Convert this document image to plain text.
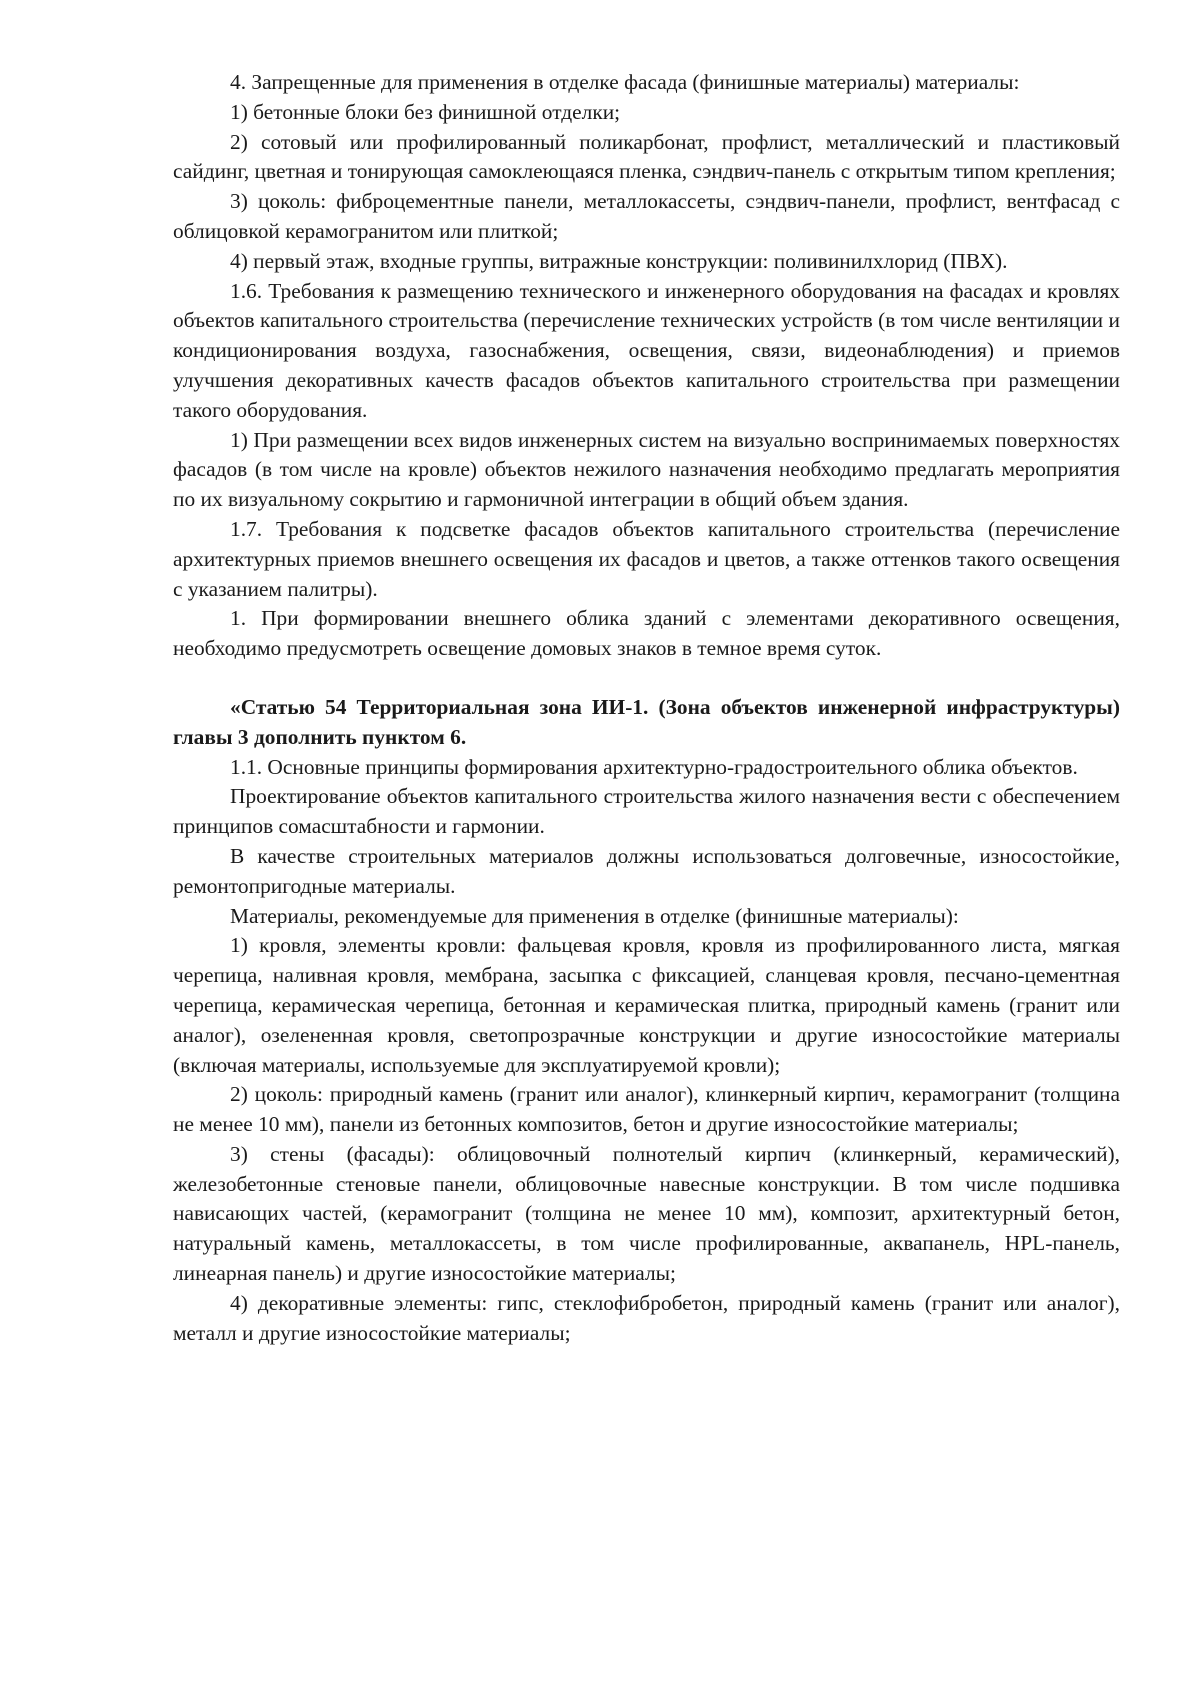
4. Запрещенные для применения в отделке фасада (финишные материалы) материалы:

1) бетонные блоки без финишной отделки;

2) сотовый или профилированный поликарбонат, профлист, металлический и пластиковый сайдинг, цветная и тонирующая самоклеющаяся пленка, сэндвич-панель с открытым типом крепления;

3) цоколь: фиброцементные панели, металлокассеты, сэндвич-панели, профлист, вентфасад с облицовкой керамогранитом или плиткой;

4) первый этаж, входные группы, витражные конструкции: поливинилхлорид (ПВХ).

1.6. Требования к размещению технического и инженерного оборудования на фасадах и кровлях объектов капитального строительства (перечисление технических устройств (в том числе вентиляции и кондиционирования воздуха, газоснабжения, освещения, связи, видеонаблюдения) и приемов улучшения декоративных качеств фасадов объектов капитального строительства при размещении такого оборудования.

1) При размещении всех видов инженерных систем на визуально воспринимаемых поверхностях фасадов (в том числе на кровле) объектов нежилого назначения необходимо предлагать мероприятия по их визуальному сокрытию и гармоничной интеграции в общий объем здания.

1.7. Требования к подсветке фасадов объектов капитального строительства (перечисление архитектурных приемов внешнего освещения их фасадов и цветов, а также оттенков такого освещения с указанием палитры).

1. При формировании внешнего облика зданий с элементами декоративного освещения, необходимо предусмотреть освещение домовых знаков в темное время суток.

«Статью 54 Территориальная зона ИИ-1. (Зона объектов инженерной инфраструктуры) главы 3 дополнить пунктом 6.

1.1. Основные принципы формирования архитектурно-градостроительного облика объектов.

Проектирование объектов капитального строительства жилого назначения вести с обеспечением принципов сомасштабности и гармонии.

В качестве строительных материалов должны использоваться долговечные, износостойкие, ремонтопригодные материалы.

Материалы, рекомендуемые для применения в отделке (финишные материалы):

1) кровля, элементы кровли: фальцевая кровля, кровля из профилированного листа, мягкая черепица, наливная кровля, мембрана, засыпка с фиксацией, сланцевая кровля, песчано-цементная черепица, керамическая черепица, бетонная и керамическая плитка, природный камень (гранит или аналог), озелененная кровля, светопрозрачные конструкции и другие износостойкие материалы (включая материалы, используемые для эксплуатируемой кровли);

2) цоколь: природный камень (гранит или аналог), клинкерный кирпич, керамогранит (толщина не менее 10 мм), панели из бетонных композитов, бетон и другие износостойкие материалы;

3) стены (фасады): облицовочный полнотелый кирпич (клинкерный, керамический), железобетонные стеновые панели, облицовочные навесные конструкции. В том числе подшивка нависающих частей, (керамогранит (толщина не менее 10 мм), композит, архитектурный бетон, натуральный камень, металлокассеты, в том числе профилированные, аквапанель, HPL-панель, линеарная панель) и другие износостойкие материалы;

4) декоративные элементы: гипс, стеклофибробетон, природный камень (гранит или аналог), металл и другие износостойкие материалы;
